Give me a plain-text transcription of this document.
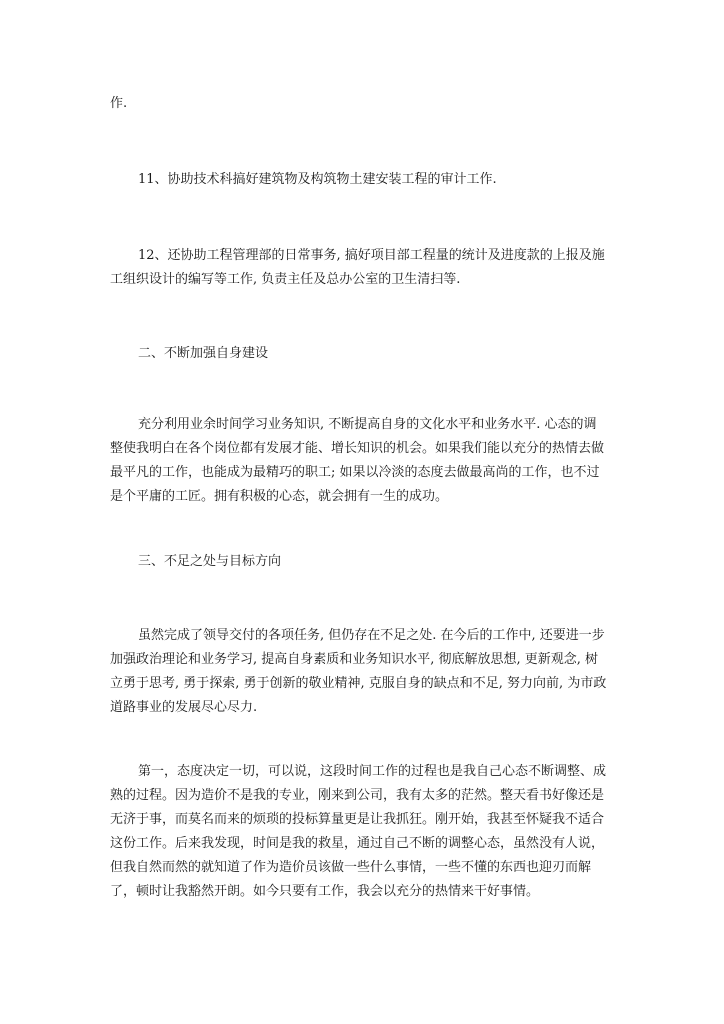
作.
11、协助技术科搞好建筑物及构筑物土建安装工程的审计工作.
12、还协助工程管理部的日常事务, 搞好项目部工程量的统计及进度款的上报及施
工组织设计的编写等工作, 负责主任及总办公室的卫生清扫等.
二、不断加强自身建设
充分利用业余时间学习业务知识, 不断提高自身的文化水平和业务水平. 心态的调
整使我明白在各个岗位都有发展才能、增长知识的机会。如果我们能以充分的热情去做
最平凡的工作，也能成为最精巧的职工; 如果以冷淡的态度去做最高尚的工作，也不过
是个平庸的工匠。拥有积极的心态，就会拥有一生的成功。
三、不足之处与目标方向
虽然完成了领导交付的各项任务, 但仍存在不足之处. 在今后的工作中, 还要进一步
加强政治理论和业务学习, 提高自身素质和业务知识水平, 彻底解放思想, 更新观念, 树
立勇于思考, 勇于探索, 勇于创新的敬业精神, 克服自身的缺点和不足, 努力向前, 为市政
道路事业的发展尽心尽力.
第一，态度决定一切，可以说，这段时间工作的过程也是我自己心态不断调整、成
熟的过程。因为造价不是我的专业，刚来到公司，我有太多的茫然。整天看书好像还是
无济于事，而莫名而来的烦琐的投标算量更是让我抓狂。刚开始，我甚至怀疑我不适合
这份工作。后来我发现，时间是我的救星，通过自己不断的调整心态，虽然没有人说，
但我自然而然的就知道了作为造价员该做一些什么事情，一些不懂的东西也迎刃而解
了，顿时让我豁然开朗。如今只要有工作，我会以充分的热情来干好事情。
